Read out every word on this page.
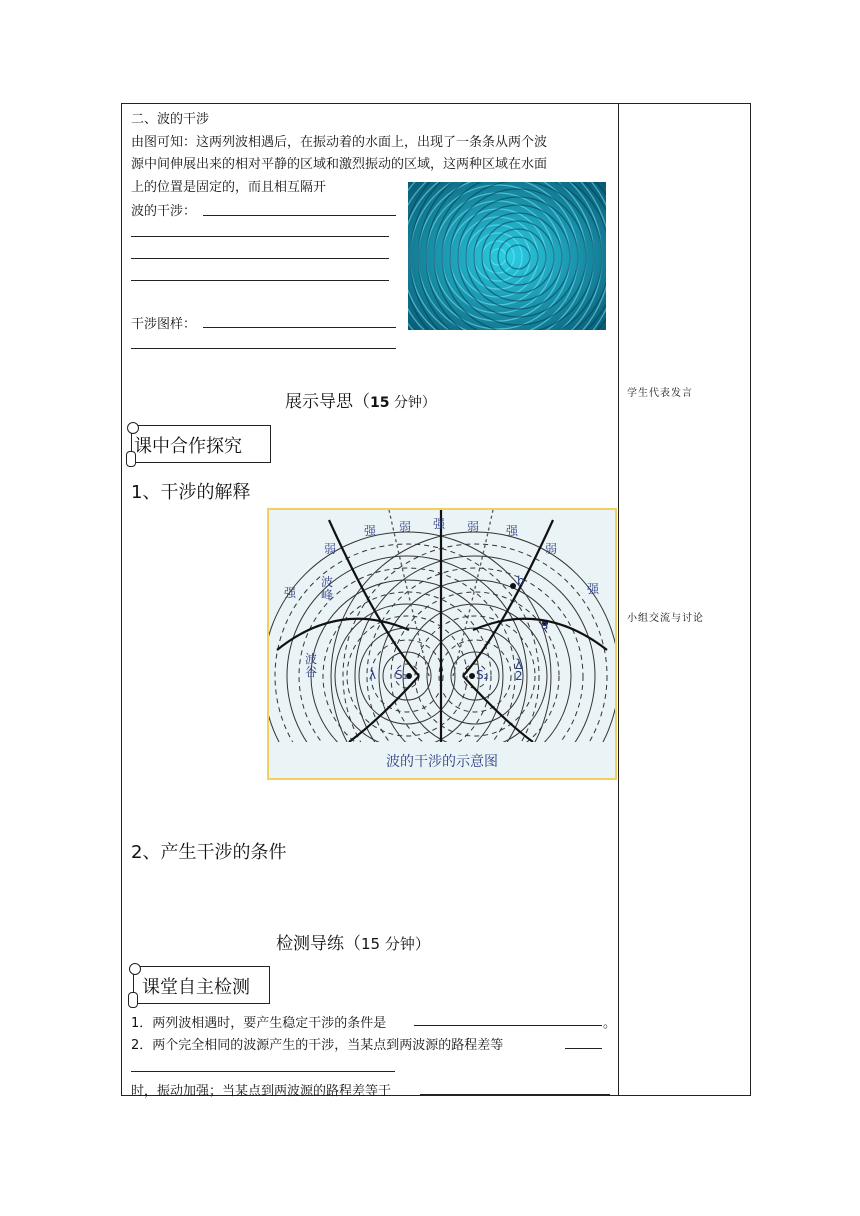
二、波的干涉
由图可知：这两列波相遇后，在振动着的水面上，出现了一条条从两个波
源中间伸展出来的相对平静的区域和激烈振动的区域，这两种区域在水面
上的位置是固定的，而且相互隔开
波的干涉：
干涉图样：
展示导思（15 分钟）
课中合作探究
1、干涉的解释
强 弱 强 弱 强
弱	弱
强	强
波峰
波谷	λ S₁	S₂
λ
2
b
a
波的干涉的示意图
2、产生干涉的条件
检测导练（15 分钟）
课堂自主检测
1．两列波相遇时，要产生稳定干涉的条件是	。
2．两个完全相同的波源产生的干涉，当某点到两波源的路程差等
时，振动加强；当某点到两波源的路程差等于
学生代表发言
小组交流与讨论
